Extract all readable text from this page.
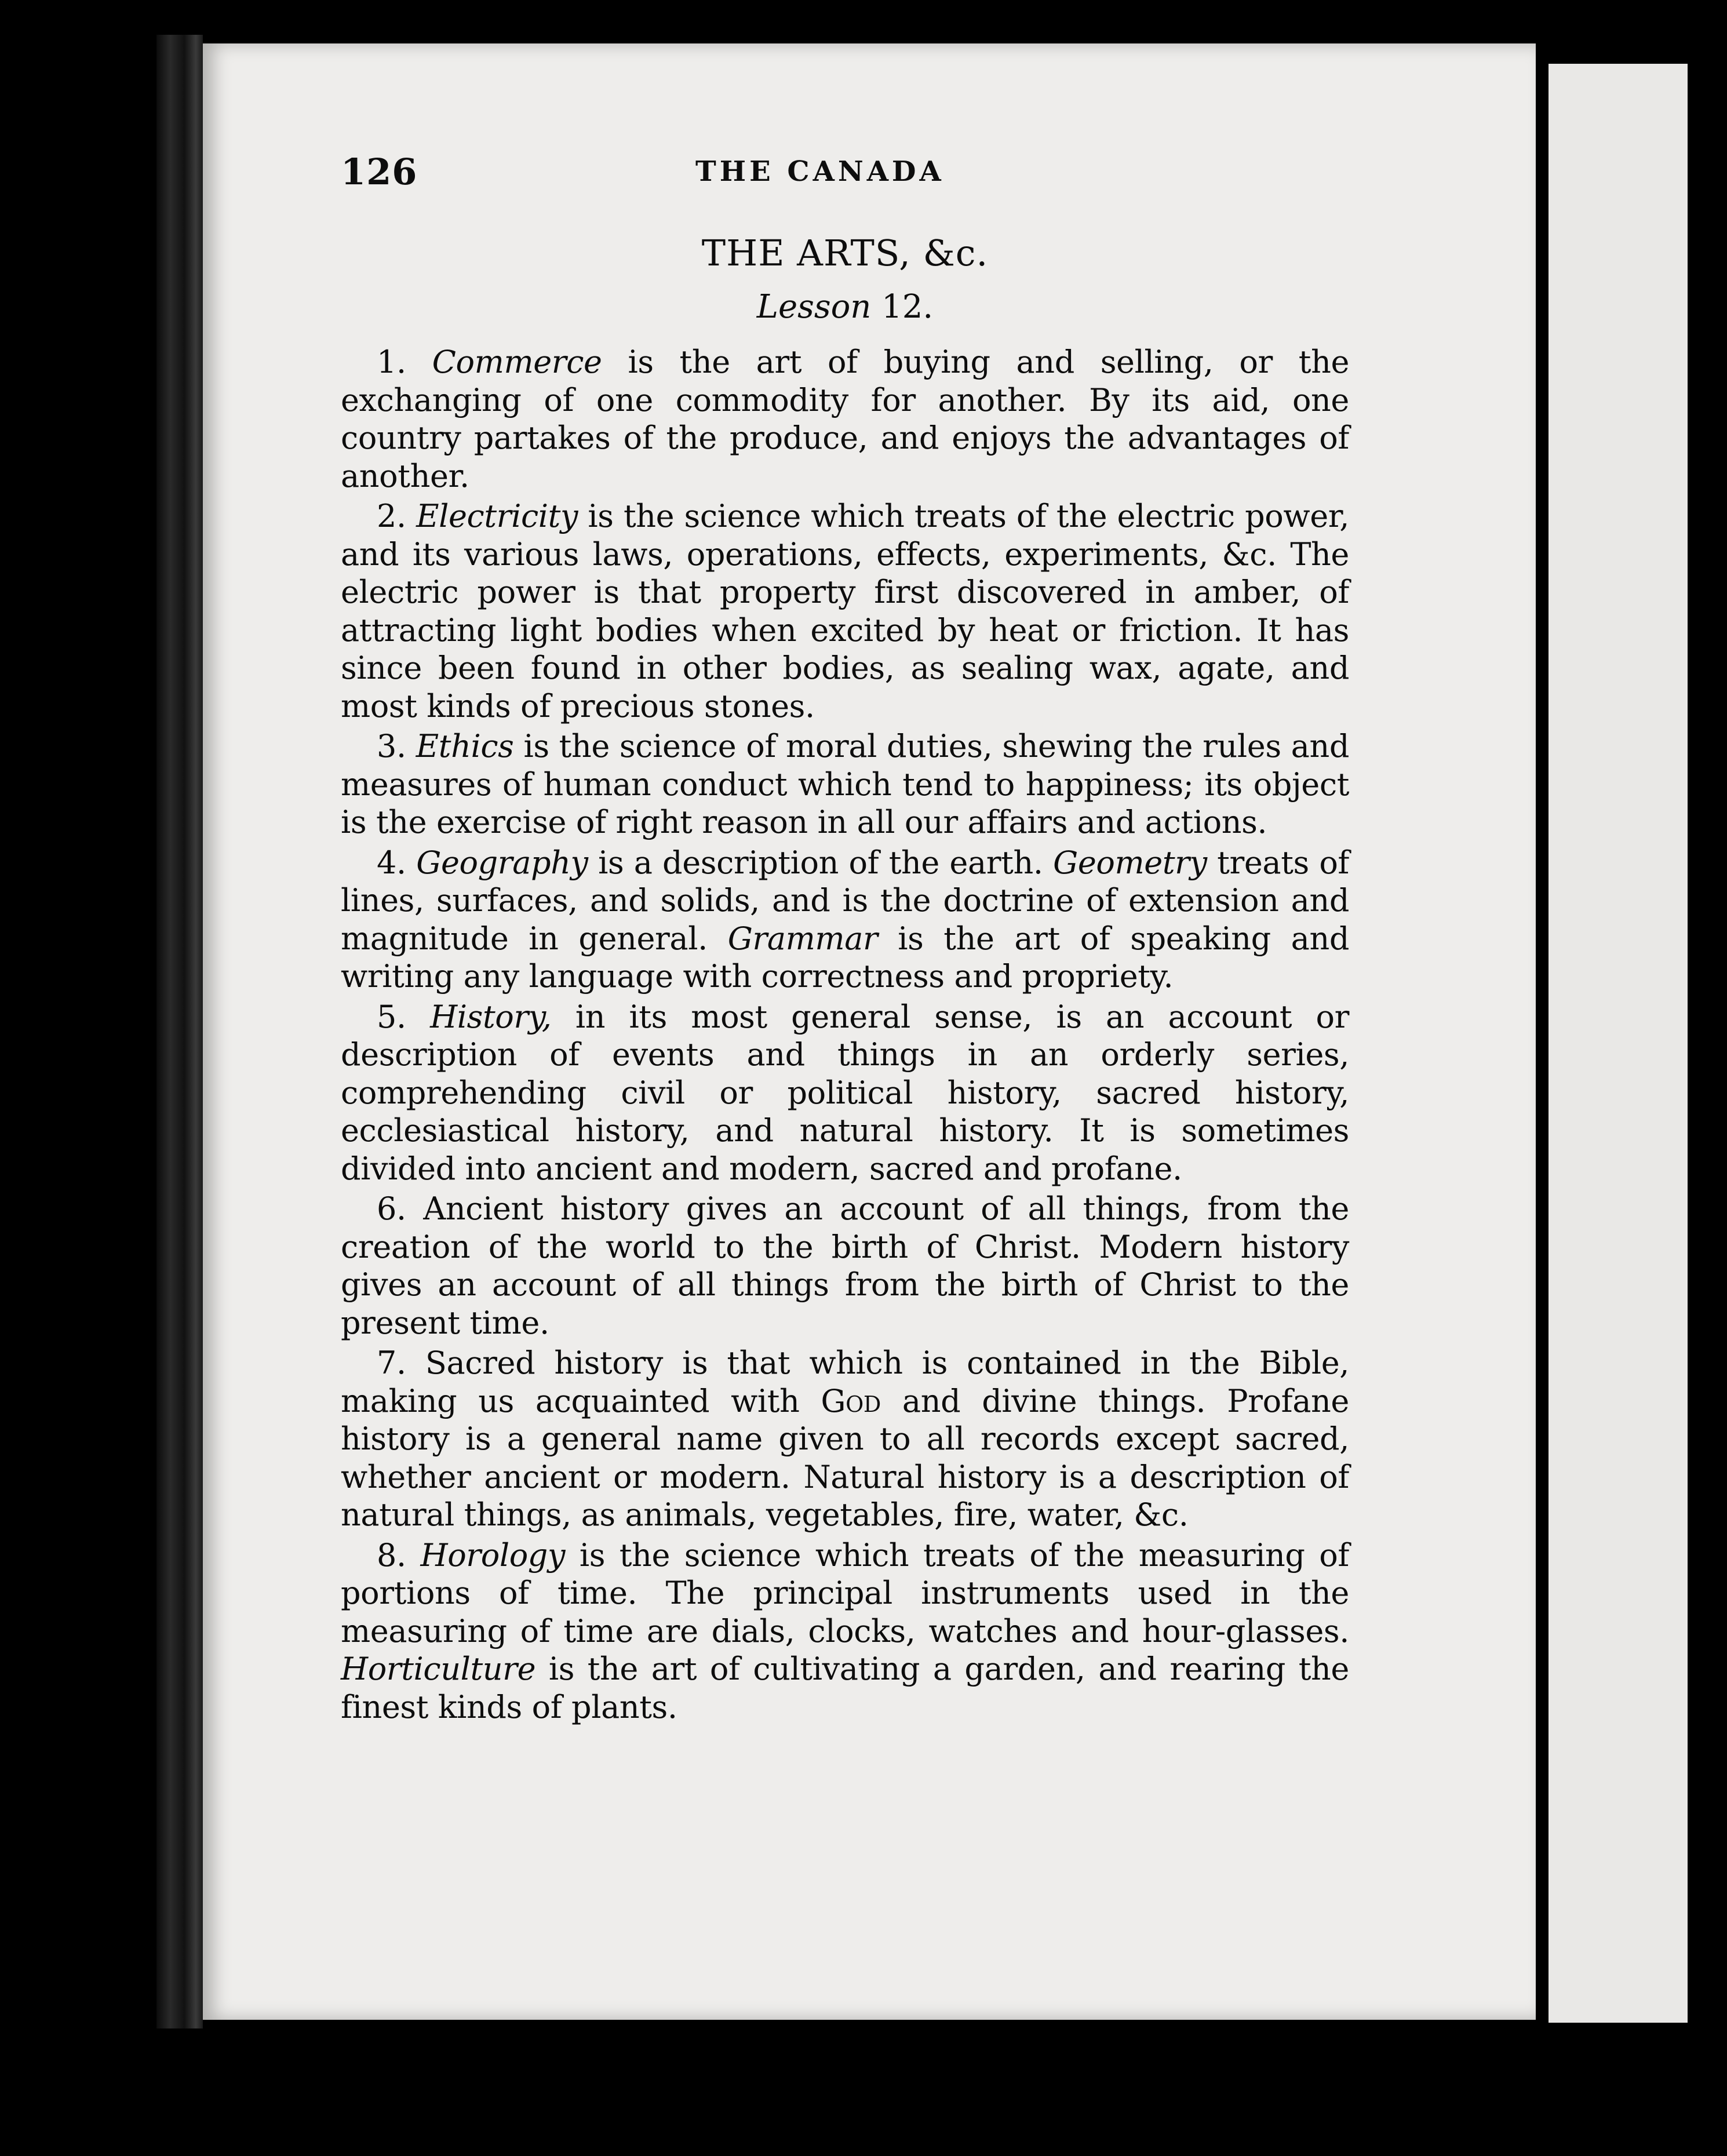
126	THE CANADA
THE ARTS, &c.
Lesson 12.

1. Commerce is the art of buying and selling, or the exchanging of one commodity for another. By its aid, one country partakes of the produce, and enjoys the advantages of another.

2. Electricity is the science which treats of the electric power, and its various laws, operations, effects, experiments, &c. The electric power is that property first discovered in amber, of attracting light bodies when excited by heat or friction. It has since been found in other bodies, as sealing wax, agate, and most kinds of precious stones.

3. Ethics is the science of moral duties, shewing the rules and measures of human conduct which tend to happiness; its object is the exercise of right reason in all our affairs and actions.

4. Geography is a description of the earth. Geometry treats of lines, surfaces, and solids, and is the doctrine of extension and magnitude in general. Grammar is the art of speaking and writing any language with correctness and propriety.

5. History, in its most general sense, is an account or description of events and things in an orderly series, comprehending civil or political history, sacred history, ecclesiastical history, and natural history. It is sometimes divided into ancient and modern, sacred and profane.

6. Ancient history gives an account of all things, from the creation of the world to the birth of Christ. Modern history gives an account of all things from the birth of Christ to the present time.

7. Sacred history is that which is contained in the Bible, making us acquainted with God and divine things. Profane history is a general name given to all records except sacred, whether ancient or modern. Natural history is a description of natural things, as animals, vegetables, fire, water, &c.

8. Horology is the science which treats of the measuring of portions of time. The principal instruments used in the measuring of time are dials, clocks, watches and hour-glasses. Horticulture is the art of cultivating a garden, and rearing the finest kinds of plants.
